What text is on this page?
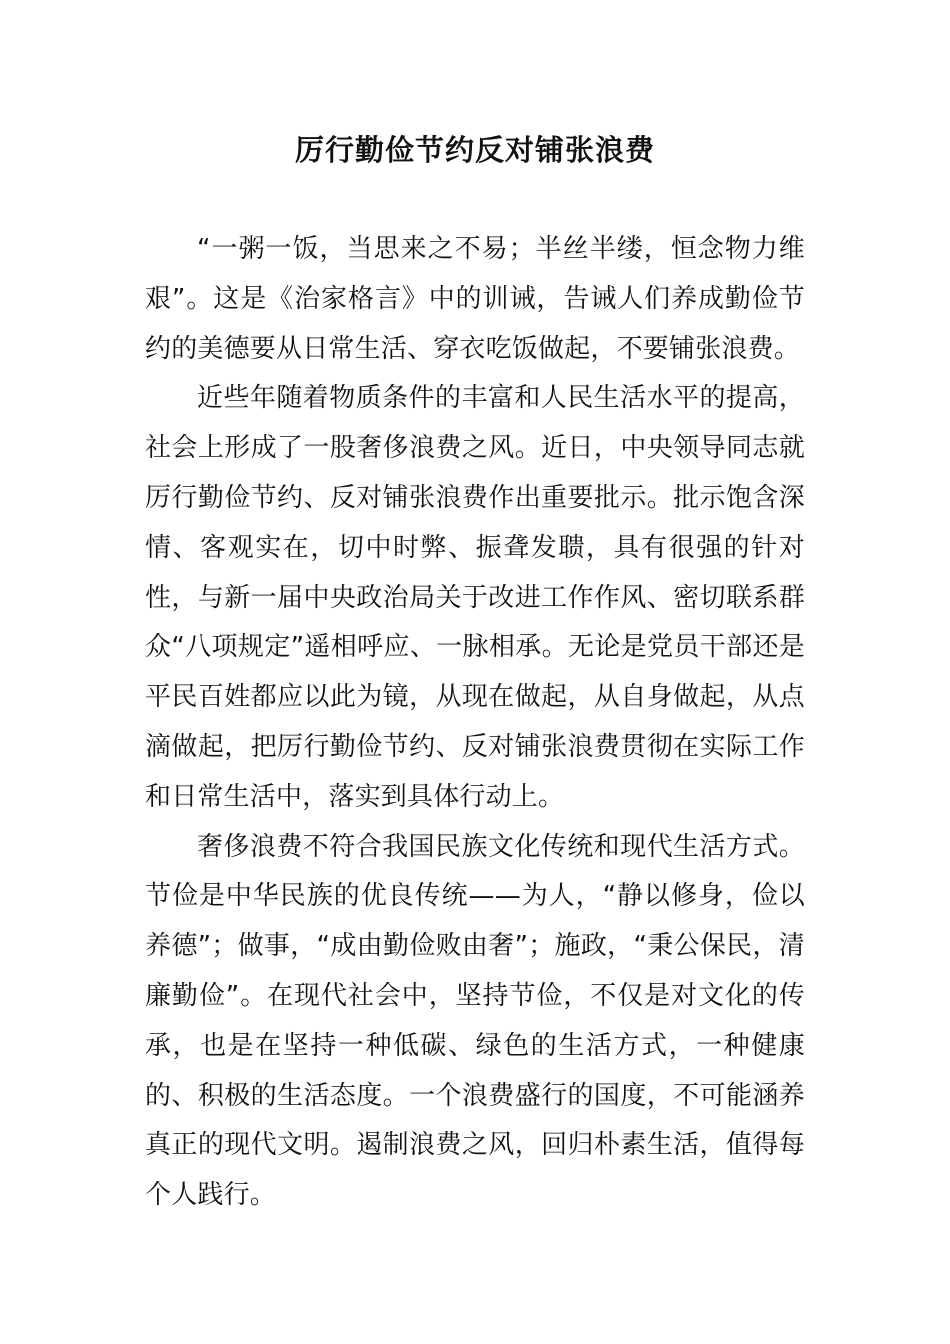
厉行勤俭节约反对铺张浪费

“一粥一饭，当思来之不易；半丝半缕，恒念物力维艰”。这是《治家格言》中的训诫，告诫人们养成勤俭节约的美德要从日常生活、穿衣吃饭做起，不要铺张浪费。

近些年随着物质条件的丰富和人民生活水平的提高，社会上形成了一股奢侈浪费之风。近日，中央领导同志就厉行勤俭节约、反对铺张浪费作出重要批示。批示饱含深情、客观实在，切中时弊、振聋发聩，具有很强的针对性，与新一届中央政治局关于改进工作作风、密切联系群众“八项规定”遥相呼应、一脉相承。无论是党员干部还是平民百姓都应以此为镜，从现在做起，从自身做起，从点滴做起，把厉行勤俭节约、反对铺张浪费贯彻在实际工作和日常生活中，落实到具体行动上。

奢侈浪费不符合我国民族文化传统和现代生活方式。节俭是中华民族的优良传统——为人，“静以修身，俭以养德”；做事，“成由勤俭败由奢”；施政，“秉公保民，清廉勤俭”。在现代社会中，坚持节俭，不仅是对文化的传承，也是在坚持一种低碳、绿色的生活方式，一种健康的、积极的生活态度。一个浪费盛行的国度，不可能涵养真正的现代文明。遏制浪费之风，回归朴素生活，值得每个人践行。
